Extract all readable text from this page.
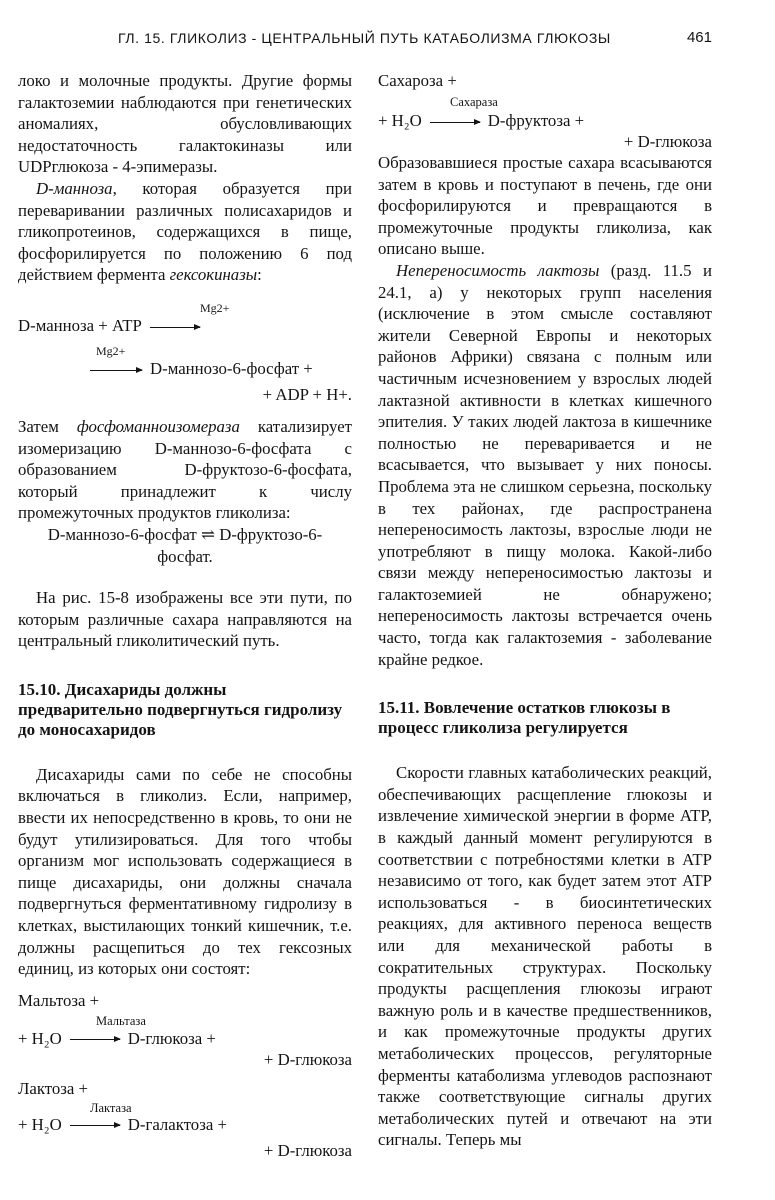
ГЛ. 15. ГЛИКОЛИЗ - ЦЕНТРАЛЬНЫЙ ПУТЬ КАТАБОЛИЗМА ГЛЮКОЗЫ	461

локо и молочные продукты. Другие формы галактоземии наблюдаются при генетических аномалиях, обусловливающих недостаточность галактокиназы или UDPглюкоза - 4-эпимеразы.

D-манноза, которая образуется при переваривании различных полисахаридов и гликопротеинов, содержащихся в пище, фосфорилируется по положению 6 под действием фермента гексокиназы:

Mg2+
D-манноза + ATP →
Mg2+
→ D-маннозо-6-фосфат +
+ ADP + H+.

Затем фосфоманноизомераза катализирует изомеризацию D-маннозо-6-фосфата с образованием D-фруктозо-6-фосфата, который принадлежит к числу промежуточных продуктов гликолиза:

D-маннозо-6-фосфат ⇌ D-фруктозо-6-
фосфат.

На рис. 15-8 изображены все эти пути, по которым различные сахара направляются на центральный гликолитический путь.

15.10. Дисахариды должны предварительно подвергнуться гидролизу до моносахаридов

Дисахариды сами по себе не способны включаться в гликолиз. Если, например, ввести их непосредственно в кровь, то они не будут утилизироваться. Для того чтобы организм мог использовать содержащиеся в пище дисахариды, они должны сначала подвергнуться ферментативному гидролизу в клетках, выстилающих тонкий кишечник, т.е. должны расщепиться до тех гексозных единиц, из которых они состоят:

Мальтоза +
Мальтаза
+ H₂O → D-глюкоза +
+ D-глюкоза
Лактоза +
Лактаза
+ H₂O → D-галактоза +
+ D-глюкоза
Сахароза +
Сахараза
+ H₂O → D-фруктоза +
+ D-глюкоза

Образовавшиеся простые сахара всасываются затем в кровь и поступают в печень, где они фосфорилируются и превращаются в промежуточные продукты гликолиза, как описано выше.

Непереносимость лактозы (разд. 11.5 и 24.1, а) у некоторых групп населения (исключение в этом смысле составляют жители Северной Европы и некоторых районов Африки) связана с полным или частичным исчезновением у взрослых людей лактазной активности в клетках кишечного эпителия. У таких людей лактоза в кишечнике полностью не переваривается и не всасывается, что вызывает у них поносы. Проблема эта не слишком серьезна, поскольку в тех районах, где распространена непереносимость лактозы, взрослые люди не употребляют в пищу молока. Какой-либо связи между непереносимостью лактозы и галактоземией не обнаружено; непереносимость лактозы встречается очень часто, тогда как галактоземия - заболевание крайне редкое.

15.11. Вовлечение остатков глюкозы в процесс гликолиза регулируется

Скорости главных катаболических реакций, обеспечивающих расщепление глюкозы и извлечение химической энергии в форме ATP, в каждый данный момент регулируются в соответствии с потребностями клетки в ATP независимо от того, как будет затем этот ATP использоваться - в биосинтетических реакциях, для активного переноса веществ или для механической работы в сократительных структурах. Поскольку продукты расщепления глюкозы играют важную роль и в качестве предшественников, и как промежуточные продукты других метаболических процессов, регуляторные ферменты катаболизма углеводов распознают также соответствующие сигналы других метаболических путей и отвечают на эти сигналы. Теперь мы
